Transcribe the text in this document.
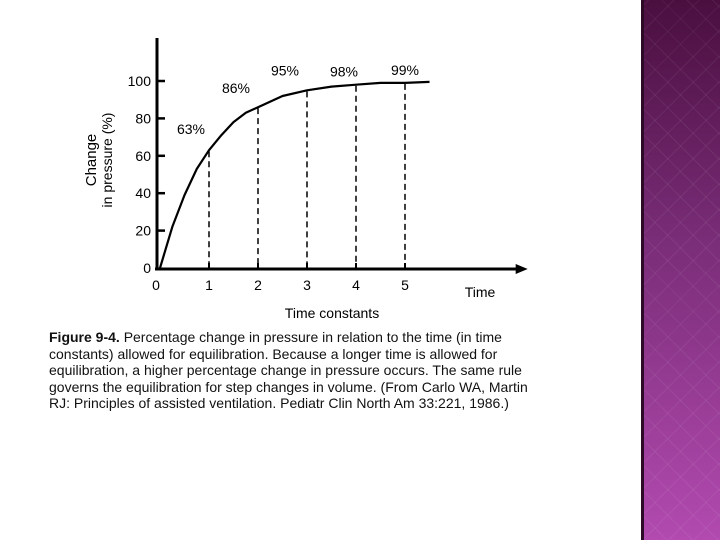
0
20
40
60
80
100
0	1	2	3	4	5
63%
86%
95% 98% 99%
Time constants
Time
Change in pressure (%)
Figure 9-4. Percentage change in pressure in relation to the time (in time constants) allowed for equilibration. Because a longer time is allowed for equilibration, a higher percentage change in pressure occurs. The same rule governs the equilibration for step changes in volume. (From Carlo WA, Martin RJ: Principles of assisted ventilation. Pediatr Clin North Am 33:221, 1986.)
